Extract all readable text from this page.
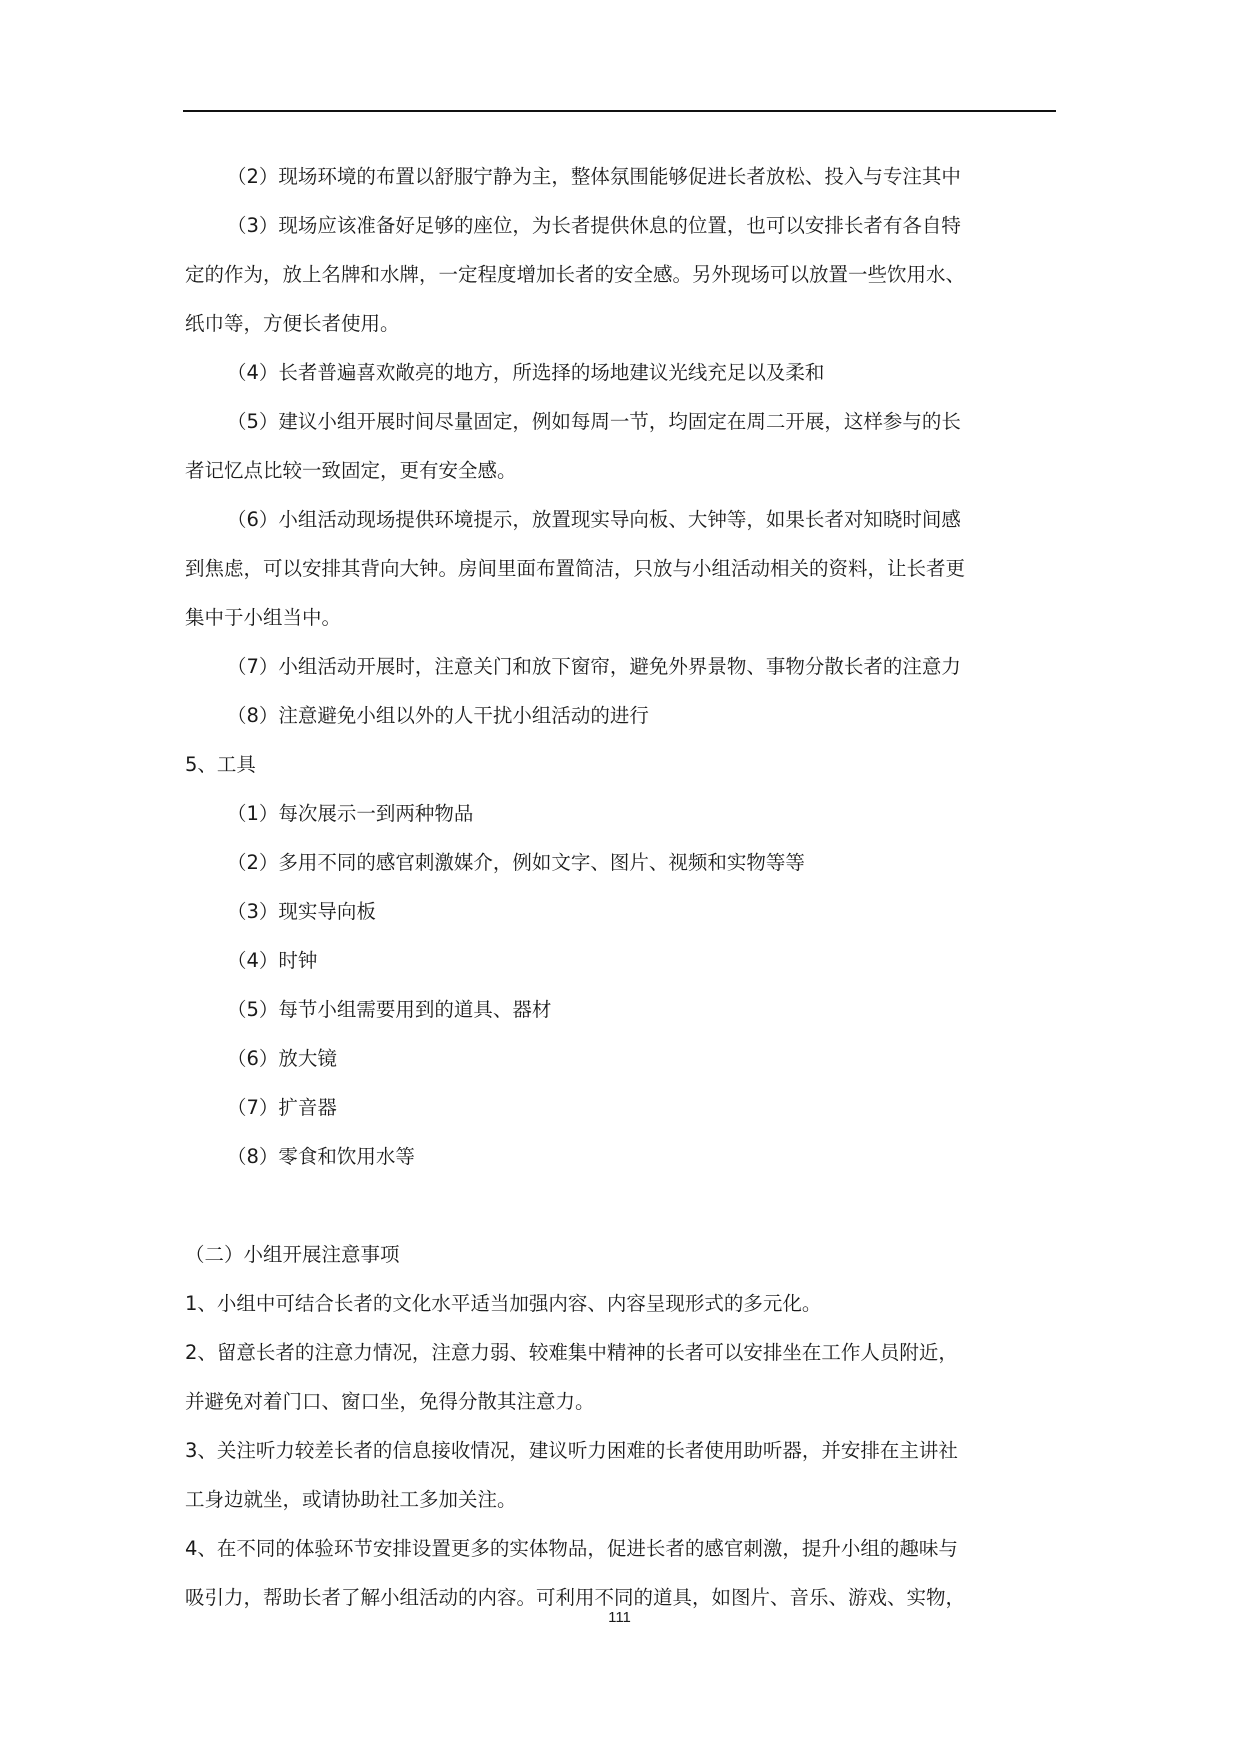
（2）现场环境的布置以舒服宁静为主，整体氛围能够促进长者放松、投入与专注其中

（3）现场应该准备好足够的座位，为长者提供休息的位置，也可以安排长者有各自特

定的作为，放上名牌和水牌，一定程度增加长者的安全感。另外现场可以放置一些饮用水、

纸巾等，方便长者使用。

（4）长者普遍喜欢敞亮的地方，所选择的场地建议光线充足以及柔和

（5）建议小组开展时间尽量固定，例如每周一节，均固定在周二开展，这样参与的长

者记忆点比较一致固定，更有安全感。

（6）小组活动现场提供环境提示，放置现实导向板、大钟等，如果长者对知晓时间感

到焦虑，可以安排其背向大钟。房间里面布置简洁，只放与小组活动相关的资料，让长者更

集中于小组当中。

（7）小组活动开展时，注意关门和放下窗帘，避免外界景物、事物分散长者的注意力

（8）注意避免小组以外的人干扰小组活动的进行

5、工具

（1）每次展示一到两种物品

（2）多用不同的感官刺激媒介，例如文字、图片、视频和实物等等

（3）现实导向板

（4）时钟

（5）每节小组需要用到的道具、器材

（6）放大镜

（7）扩音器

（8）零食和饮用水等

（二）小组开展注意事项

1、小组中可结合长者的文化水平适当加强内容、内容呈现形式的多元化。

2、留意长者的注意力情况，注意力弱、较难集中精神的长者可以安排坐在工作人员附近，

并避免对着门口、窗口坐，免得分散其注意力。

3、关注听力较差长者的信息接收情况，建议听力困难的长者使用助听器，并安排在主讲社

工身边就坐，或请协助社工多加关注。

4、在不同的体验环节安排设置更多的实体物品，促进长者的感官刺激，提升小组的趣味与

吸引力，帮助长者了解小组活动的内容。可利用不同的道具，如图片、音乐、游戏、实物，

111
